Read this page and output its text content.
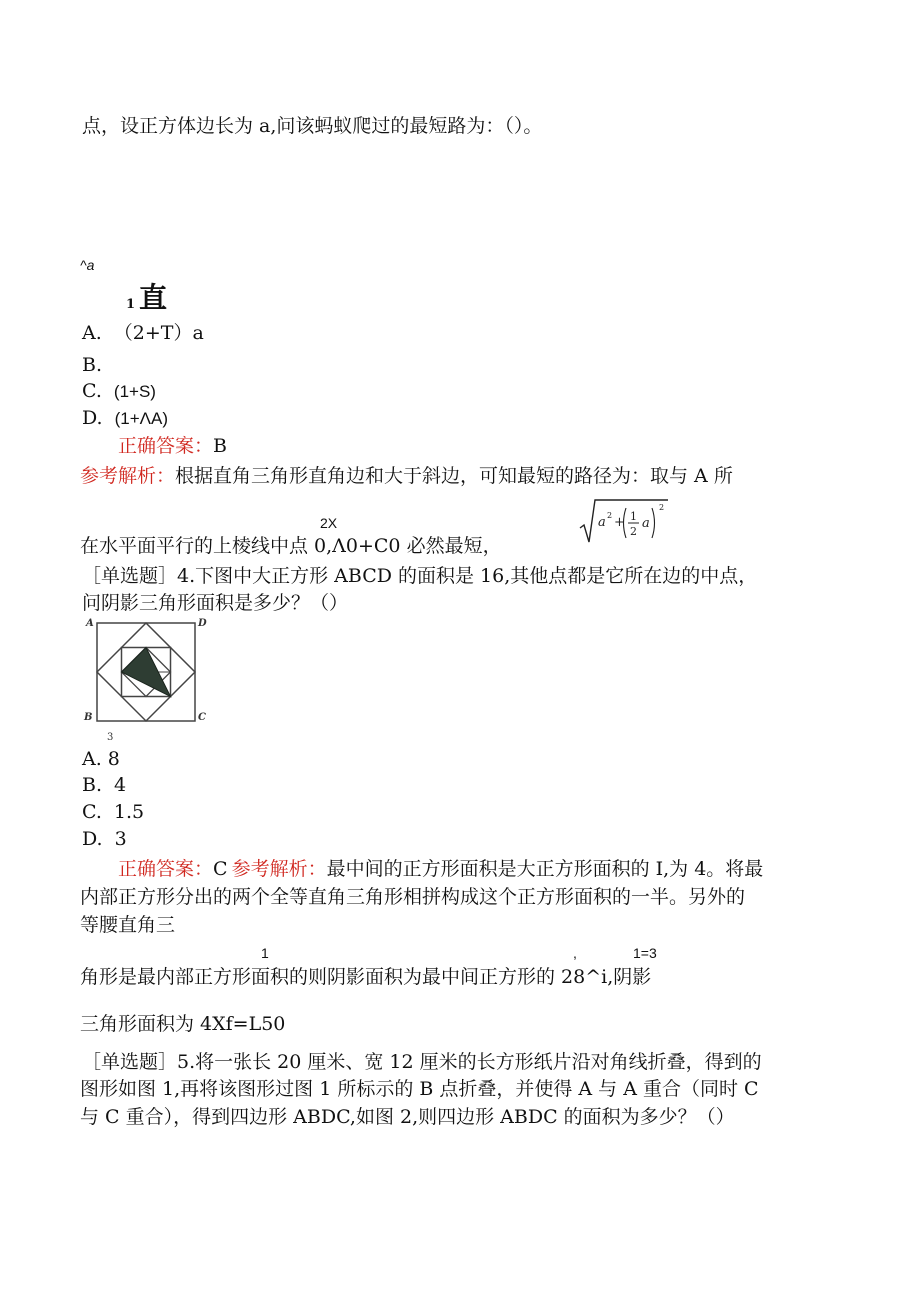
点，设正方体边长为 a,问该蚂蚁爬过的最短路为：（）。
^a
1 直
A. （2+T）a
B.
C. (1+S)
D. (1+ΛA)
正确答案：B
参考解析：根据直角三角形直角边和大于斜边，可知最短的路径为：取与 A 所
2X
在水平面平行的上棱线中点 0,Λ0+C0 必然最短，
a 2 + 1
2
a
2
［单选题］4.下图中大正方形 ABCD 的面积是 16,其他点都是它所在边的中点，
问阴影三角形面积是多少？（）
A	D
B	C
3
A. 8
B. 4
C. 1.5
D. 3
正确答案：C 参考解析：最中间的正方形面积是大正方形面积的 I,为 4。将最
内部正方形分出的两个全等直角三角形相拼构成这个正方形面积的一半。另外的
等腰直角三
1	,	1=3
角形是最内部正方形面积的则阴影面积为最中间正方形的 28^i,阴影
三角形面积为 4Xf=L50
［单选题］5.将一张长 20 厘米、宽 12 厘米的长方形纸片沿对角线折叠，得到的
图形如图 1,再将该图形过图 1 所标示的 B 点折叠，并使得 A 与 A 重合（同时 C
与 C 重合），得到四边形 ABDC,如图 2,则四边形 ABDC 的面积为多少？（）
